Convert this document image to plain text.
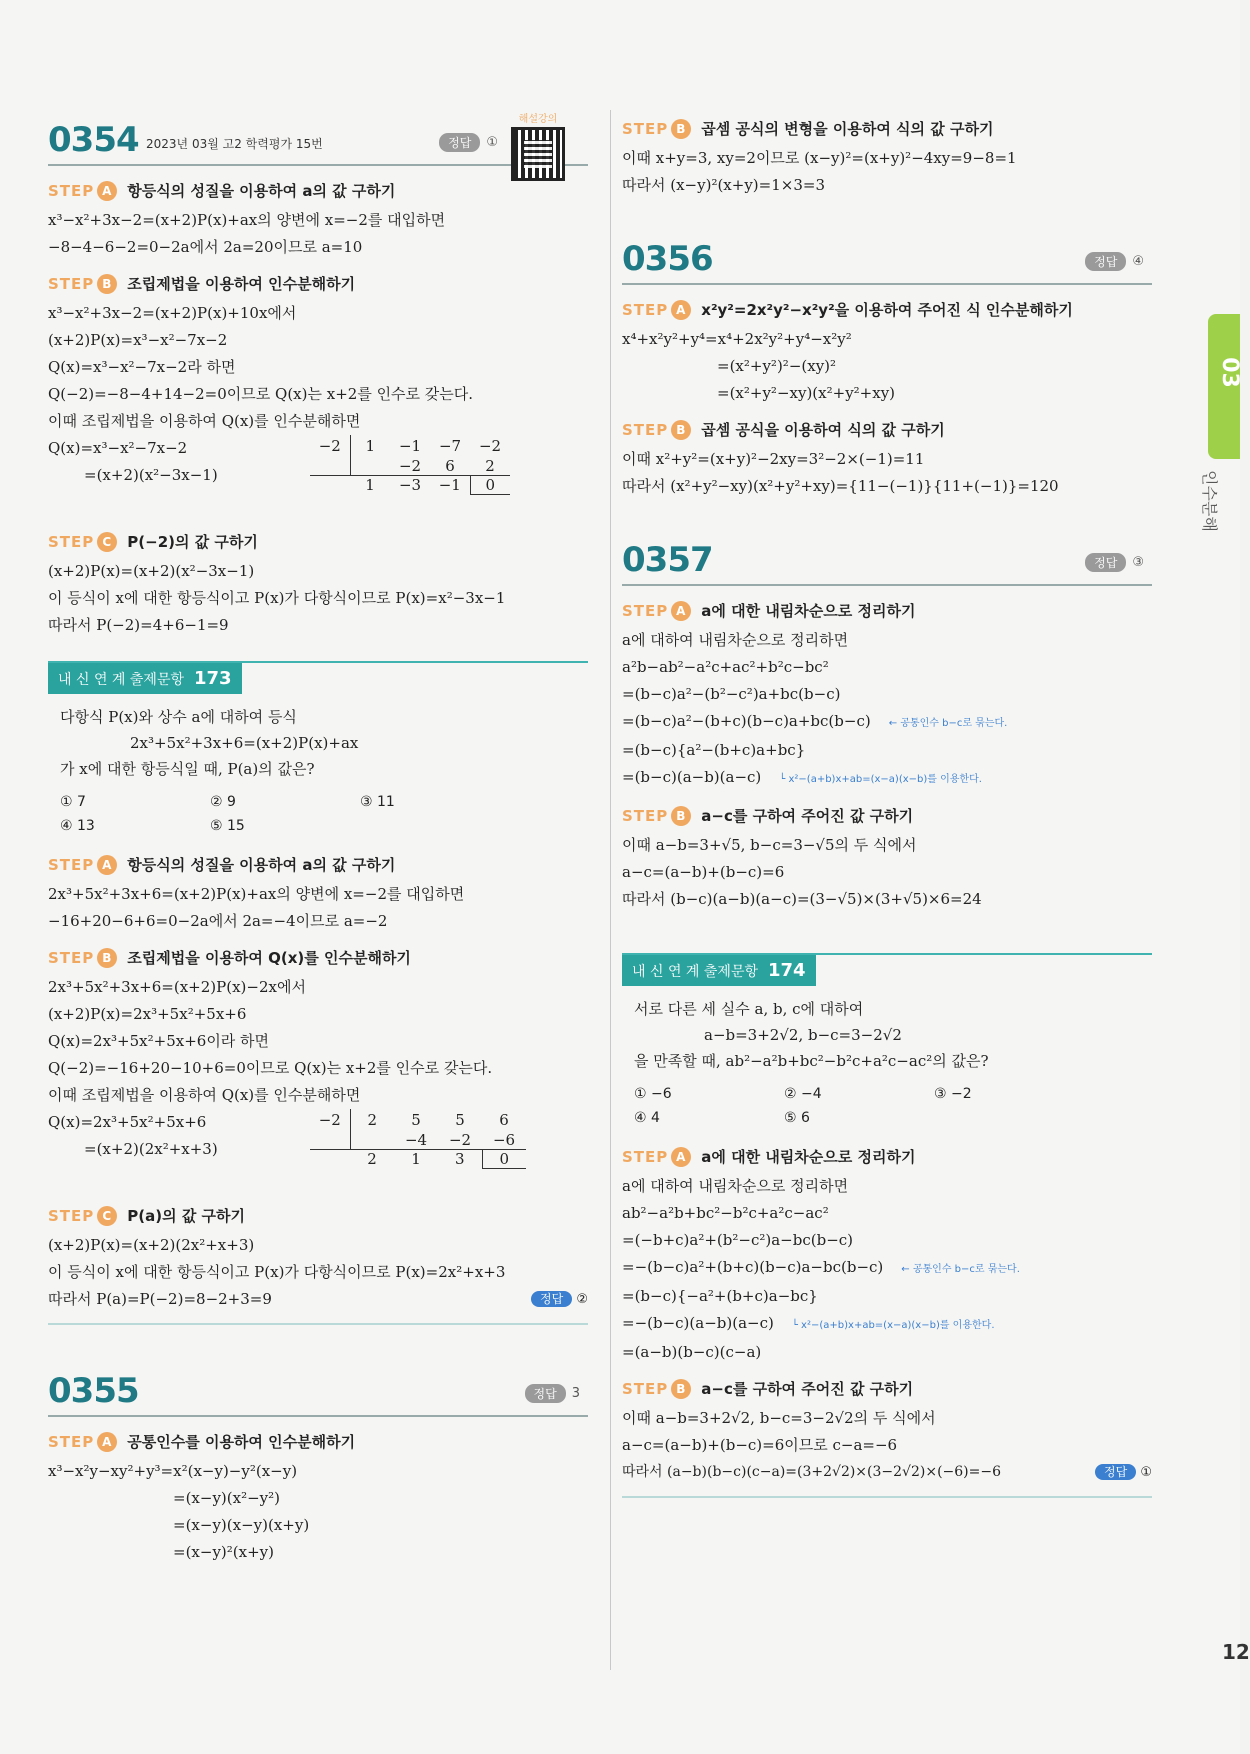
0354 2023년 03월 고2 학력평가 15번	정답	①
해설강의
STEP A 항등식의 성질을 이용하여 a의 값 구하기
x³−x²+3x−2=(x+2)P(x)+ax의 양변에 x=−2를 대입하면
−8−4−6−2=0−2a에서 2a=20이므로 a=10
STEP B 조립제법을 이용하여 인수분해하기
x³−x²+3x−2=(x+2)P(x)+10x에서
(x+2)P(x)=x³−x²−7x−2
Q(x)=x³−x²−7x−2라 하면
Q(−2)=−8−4+14−2=0이므로 Q(x)는 x+2를 인수로 갖는다.
이때 조립제법을 이용하여 Q(x)를 인수분해하면
Q(x)=x³−x²−7x−2
=(x+2)(x²−3x−1)
−2	1	−1	−7	−2
		−2	6	2
	1	−3	−1	0
STEP C	P(−2)의 값 구하기
(x+2)P(x)=(x+2)(x²−3x−1)
이 등식이 x에 대한 항등식이고 P(x)가 다항식이므로 P(x)=x²−3x−1
따라서 P(−2)=4+6−1=9
내 신 연 계 출제문항 173
다항식 P(x)와 상수 a에 대하여 등식
2x³+5x²+3x+6=(x+2)P(x)+ax
가 x에 대한 항등식일 때, P(a)의 값은?
① 7	② 9	③ 11
④ 13	⑤ 15
STEP A 항등식의 성질을 이용하여 a의 값 구하기
2x³+5x²+3x+6=(x+2)P(x)+ax의 양변에 x=−2를 대입하면
−16+20−6+6=0−2a에서 2a=−4이므로 a=−2
STEP B 조립제법을 이용하여 Q(x)를 인수분해하기
2x³+5x²+3x+6=(x+2)P(x)−2x에서
(x+2)P(x)=2x³+5x²+5x+6
Q(x)=2x³+5x²+5x+6이라 하면
Q(−2)=−16+20−10+6=0이므로 Q(x)는 x+2를 인수로 갖는다.
이때 조립제법을 이용하여 Q(x)를 인수분해하면
Q(x)=2x³+5x²+5x+6
=(x+2)(2x²+x+3)
−2	2	5	5	6
		−4	−2	−6
	2	1	3	0
STEP C	P(a)의 값 구하기
(x+2)P(x)=(x+2)(2x²+x+3)
이 등식이 x에 대한 항등식이고 P(x)가 다항식이므로 P(x)=2x²+x+3
따라서 P(a)=P(−2)=8−2+3=9	정답 ②
0355	정답	3
STEP A 공통인수를 이용하여 인수분해하기
x³−x²y−xy²+y³=x²(x−y)−y²(x−y)
=(x−y)(x²−y²)
=(x−y)(x−y)(x+y)
=(x−y)²(x+y)
STEP B 곱셈 공식의 변형을 이용하여 식의 값 구하기
이때 x+y=3, xy=2이므로 (x−y)²=(x+y)²−4xy=9−8=1
따라서 (x−y)²(x+y)=1×3=3
0356	정답	④
STEP A x²y²=2x²y²−x²y²을 이용하여 주어진 식 인수분해하기
x⁴+x²y²+y⁴=x⁴+2x²y²+y⁴−x²y²
=(x²+y²)²−(xy)²
=(x²+y²−xy)(x²+y²+xy)
STEP B 곱셈 공식을 이용하여 식의 값 구하기
이때 x²+y²=(x+y)²−2xy=3²−2×(−1)=11
따라서 (x²+y²−xy)(x²+y²+xy)={11−(−1)}{11+(−1)}=120
0357	정답	③
STEP A a에 대한 내림차순으로 정리하기
a에 대하여 내림차순으로 정리하면
a²b−ab²−a²c+ac²+b²c−bc²
=(b−c)a²−(b²−c²)a+bc(b−c)
=(b−c)a²−(b+c)(b−c)a+bc(b−c) ← 공통인수 b−c로 묶는다.
=(b−c){a²−(b+c)a+bc}
=(b−c)(a−b)(a−c) └ x²−(a+b)x+ab=(x−a)(x−b)를 이용한다.
STEP B a−c를 구하여 주어진 값 구하기
이때 a−b=3+√5, b−c=3−√5의 두 식에서
a−c=(a−b)+(b−c)=6
따라서 (b−c)(a−b)(a−c)=(3−√5)×(3+√5)×6=24
내 신 연 계 출제문항 174
서로 다른 세 실수 a, b, c에 대하여
a−b=3+2√2, b−c=3−2√2
을 만족할 때, ab²−a²b+bc²−b²c+a²c−ac²의 값은?
① −6	② −4	③ −2
④ 4	⑤ 6
STEP A a에 대한 내림차순으로 정리하기
a에 대하여 내림차순으로 정리하면
ab²−a²b+bc²−b²c+a²c−ac²
=(−b+c)a²+(b²−c²)a−bc(b−c)
=−(b−c)a²+(b+c)(b−c)a−bc(b−c) ← 공통인수 b−c로 묶는다.
=(b−c){−a²+(b+c)a−bc}
=−(b−c)(a−b)(a−c) └ x²−(a+b)x+ab=(x−a)(x−b)를 이용한다.
=(a−b)(b−c)(c−a)
STEP B a−c를 구하여 주어진 값 구하기
이때 a−b=3+2√2, b−c=3−2√2의 두 식에서
a−c=(a−b)+(b−c)=6이므로 c−a=−6
따라서 (a−b)(b−c)(c−a)=(3+2√2)×(3−2√2)×(−6)=−6	정답 ①
03
인수분해
12
